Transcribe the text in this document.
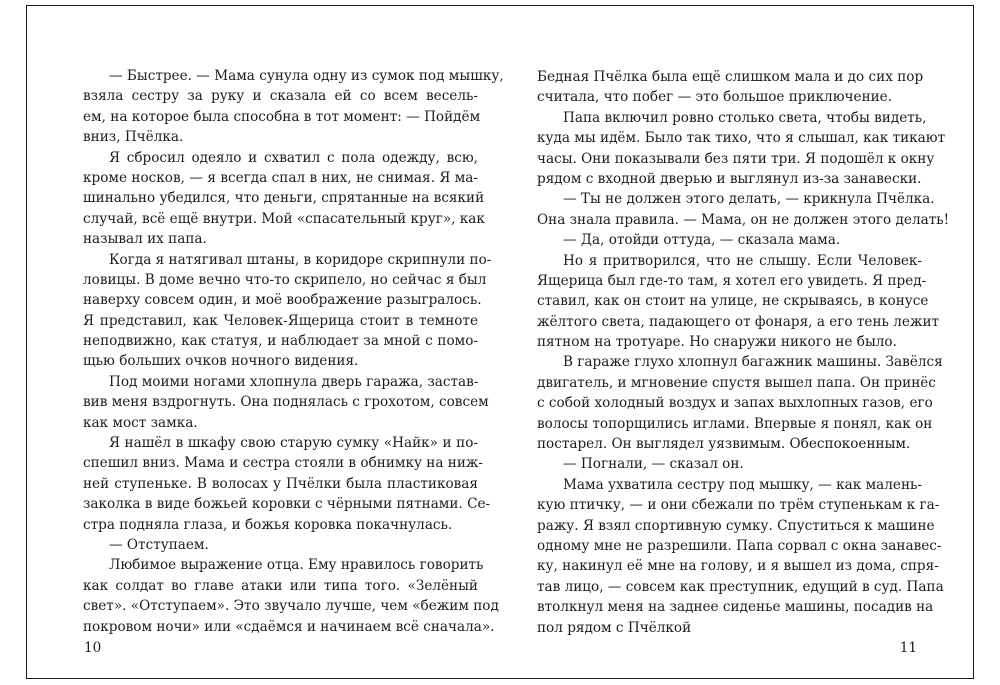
— Быстрее. — Мама сунула одну из сумок под мышку,
взяла сестру за руку и сказала ей со всем весель-
ем, на которое была способна в тот момент: — Пойдём
вниз, Пчёлка.
Я сбросил одеяло и схватил с пола одежду, всю,
кроме носков, — я всегда спал в них, не снимая. Я ма-
шинально убедился, что деньги, спрятанные на всякий
случай, всё ещё внутри. Мой «спасательный круг», как
называл их папа.
Когда я натягивал штаны, в коридоре скрипнули по-
ловицы. В доме вечно что-то скрипело, но сейчас я был
наверху совсем один, и моё воображение разыгралось.
Я представил, как Человек-Ящерица стоит в темноте
неподвижно, как статуя, и наблюдает за мной с помо-
щью больших очков ночного видения.
Под моими ногами хлопнула дверь гаража, застав-
вив меня вздрогнуть. Она поднялась с грохотом, совсем
как мост замка.
Я нашёл в шкафу свою старую сумку «Найк» и по-
спешил вниз. Мама и сестра стояли в обнимку на ниж-
ней ступеньке. В волосах у Пчёлки была пластиковая
заколка в виде божьей коровки с чёрными пятнами. Се-
стра подняла глаза, и божья коровка покачнулась.
— Отступаем.
Любимое выражение отца. Ему нравилось говорить
как солдат во главе атаки или типа того. «Зелёный
свет». «Отступаем». Это звучало лучше, чем «бежим под
покровом ночи» или «сдаёмся и начинаем всё сначала».
10
Бедная Пчёлка была ещё слишком мала и до сих пор
считала, что побег — это большое приключение.
Папа включил ровно столько света, чтобы видеть,
куда мы идём. Было так тихо, что я слышал, как тикают
часы. Они показывали без пяти три. Я подошёл к окну
рядом с входной дверью и выглянул из-за занавески.
— Ты не должен этого делать, — крикнула Пчёлка.
Она знала правила. — Мама, он не должен этого делать!
— Да, отойди оттуда, — сказала мама.
Но я притворился, что не слышу. Если Человек-
Ящерица был где-то там, я хотел его увидеть. Я пред-
ставил, как он стоит на улице, не скрываясь, в конусе
жёлтого света, падающего от фонаря, а его тень лежит
пятном на тротуаре. Но снаружи никого не было.
В гараже глухо хлопнул багажник машины. Завёлся
двигатель, и мгновение спустя вышел папа. Он принёс
с собой холодный воздух и запах выхлопных газов, его
волосы топорщились иглами. Впервые я понял, как он
постарел. Он выглядел уязвимым. Обеспокоенным.
— Погнали, — сказал он.
Мама ухватила сестру под мышку, — как малень-
кую птичку, — и они сбежали по трём ступенькам к га-
ражу. Я взял спортивную сумку. Спуститься к машине
одному мне не разрешили. Папа сорвал с окна занавес-
ку, накинул её мне на голову, и я вышел из дома, спря-
тав лицо, — совсем как преступник, едущий в суд. Папа
втолкнул меня на заднее сиденье машины, посадив на
пол рядом с Пчёлкой
11
